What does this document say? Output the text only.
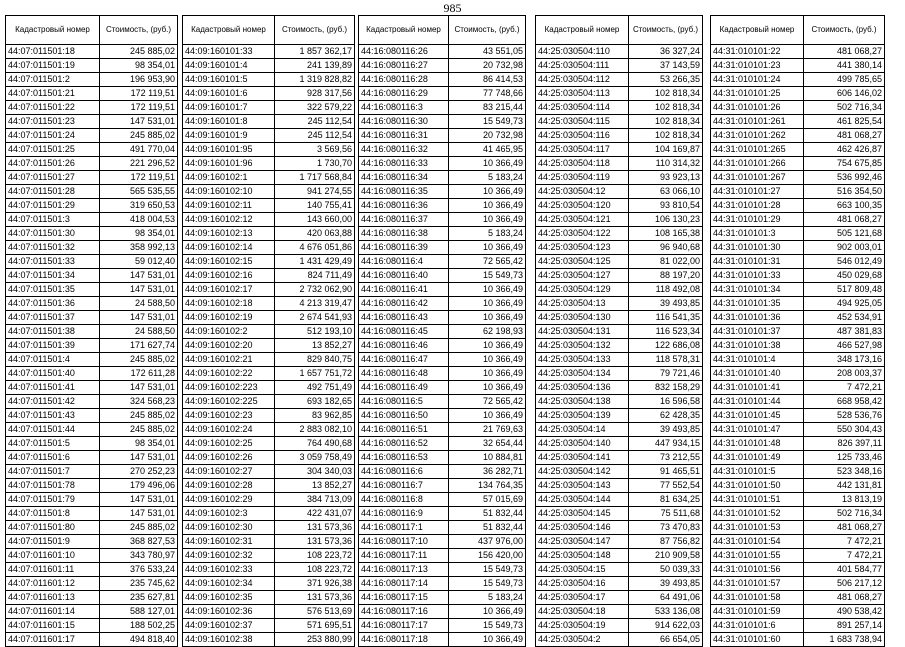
985
Кадастровый номер	Стоимость, (руб.)
44:07:011501:18	245 885,02
44:07:011501:19	98 354,01
44:07:011501:2	196 953,90
44:07:011501:21	172 119,51
44:07:011501:22	172 119,51
44:07:011501:23	147 531,01
44:07:011501:24	245 885,02
44:07:011501:25	491 770,04
44:07:011501:26	221 296,52
44:07:011501:27	172 119,51
44:07:011501:28	565 535,55
44:07:011501:29	319 650,53
44:07:011501:3	418 004,53
44:07:011501:30	98 354,01
44:07:011501:32	358 992,13
44:07:011501:33	59 012,40
44:07:011501:34	147 531,01
44:07:011501:35	147 531,01
44:07:011501:36	24 588,50
44:07:011501:37	147 531,01
44:07:011501:38	24 588,50
44:07:011501:39	171 627,74
44:07:011501:4	245 885,02
44:07:011501:40	172 611,28
44:07:011501:41	147 531,01
44:07:011501:42	324 568,23
44:07:011501:43	245 885,02
44:07:011501:44	245 885,02
44:07:011501:5	98 354,01
44:07:011501:6	147 531,01
44:07:011501:7	270 252,23
44:07:011501:78	179 496,06
44:07:011501:79	147 531,01
44:07:011501:8	147 531,01
44:07:011501:80	245 885,02
44:07:011501:9	368 827,53
44:07:011601:10	343 780,97
44:07:011601:11	376 533,24
44:07:011601:12	235 745,62
44:07:011601:13	235 627,81
44:07:011601:14	588 127,01
44:07:011601:15	188 502,25
44:07:011601:17	494 818,40
Кадастровый номер	Стоимость, (руб.)
44:09:160101:33	1 857 362,17
44:09:160101:4	241 139,89
44:09:160101:5	1 319 828,82
44:09:160101:6	928 317,56
44:09:160101:7	322 579,22
44:09:160101:8	245 112,54
44:09:160101:9	245 112,54
44:09:160101:95	3 569,56
44:09:160101:96	1 730,70
44:09:160102:1	1 717 568,84
44:09:160102:10	941 274,55
44:09:160102:11	140 755,41
44:09:160102:12	143 660,00
44:09:160102:13	420 063,88
44:09:160102:14	4 676 051,86
44:09:160102:15	1 431 429,49
44:09:160102:16	824 711,49
44:09:160102:17	2 732 062,90
44:09:160102:18	4 213 319,47
44:09:160102:19	2 674 541,93
44:09:160102:2	512 193,10
44:09:160102:20	13 852,27
44:09:160102:21	829 840,75
44:09:160102:22	1 657 751,72
44:09:160102:223	492 751,49
44:09:160102:225	693 182,65
44:09:160102:23	83 962,85
44:09:160102:24	2 883 082,10
44:09:160102:25	764 490,68
44:09:160102:26	3 059 758,49
44:09:160102:27	304 340,03
44:09:160102:28	13 852,27
44:09:160102:29	384 713,09
44:09:160102:3	422 431,07
44:09:160102:30	131 573,36
44:09:160102:31	131 573,36
44:09:160102:32	108 223,72
44:09:160102:33	108 223,72
44:09:160102:34	371 926,38
44:09:160102:35	131 573,36
44:09:160102:36	576 513,69
44:09:160102:37	571 695,51
44:09:160102:38	253 880,99
Кадастровый номер	Стоимость, (руб.)
44:16:080116:26	43 551,05
44:16:080116:27	20 732,98
44:16:080116:28	86 414,53
44:16:080116:29	77 748,66
44:16:080116:3	83 215,44
44:16:080116:30	15 549,73
44:16:080116:31	20 732,98
44:16:080116:32	41 465,95
44:16:080116:33	10 366,49
44:16:080116:34	5 183,24
44:16:080116:35	10 366,49
44:16:080116:36	10 366,49
44:16:080116:37	10 366,49
44:16:080116:38	5 183,24
44:16:080116:39	10 366,49
44:16:080116:4	72 565,42
44:16:080116:40	15 549,73
44:16:080116:41	10 366,49
44:16:080116:42	10 366,49
44:16:080116:43	10 366,49
44:16:080116:45	62 198,93
44:16:080116:46	10 366,49
44:16:080116:47	10 366,49
44:16:080116:48	10 366,49
44:16:080116:49	10 366,49
44:16:080116:5	72 565,42
44:16:080116:50	10 366,49
44:16:080116:51	21 769,63
44:16:080116:52	32 654,44
44:16:080116:53	10 884,81
44:16:080116:6	36 282,71
44:16:080116:7	134 764,35
44:16:080116:8	57 015,69
44:16:080116:9	51 832,44
44:16:080117:1	51 832,44
44:16:080117:10	437 976,00
44:16:080117:11	156 420,00
44:16:080117:13	15 549,73
44:16:080117:14	15 549,73
44:16:080117:15	5 183,24
44:16:080117:16	10 366,49
44:16:080117:17	15 549,73
44:16:080117:18	10 366,49
Кадастровый номер	Стоимость, (руб.)
44:25:030504:110	36 327,24
44:25:030504:111	37 143,59
44:25:030504:112	53 266,35
44:25:030504:113	102 818,34
44:25:030504:114	102 818,34
44:25:030504:115	102 818,34
44:25:030504:116	102 818,34
44:25:030504:117	104 169,87
44:25:030504:118	110 314,32
44:25:030504:119	93 923,13
44:25:030504:12	63 066,10
44:25:030504:120	93 810,54
44:25:030504:121	106 130,23
44:25:030504:122	108 165,38
44:25:030504:123	96 940,68
44:25:030504:125	81 022,00
44:25:030504:127	88 197,20
44:25:030504:129	118 492,08
44:25:030504:13	39 493,85
44:25:030504:130	116 541,35
44:25:030504:131	116 523,34
44:25:030504:132	122 686,08
44:25:030504:133	118 578,31
44:25:030504:134	79 721,46
44:25:030504:136	832 158,29
44:25:030504:138	16 596,58
44:25:030504:139	62 428,35
44:25:030504:14	39 493,85
44:25:030504:140	447 934,15
44:25:030504:141	73 212,55
44:25:030504:142	91 465,51
44:25:030504:143	77 552,54
44:25:030504:144	81 634,25
44:25:030504:145	75 511,68
44:25:030504:146	73 470,83
44:25:030504:147	87 756,82
44:25:030504:148	210 909,58
44:25:030504:15	50 039,33
44:25:030504:16	39 493,85
44:25:030504:17	64 491,06
44:25:030504:18	533 136,08
44:25:030504:19	914 622,03
44:25:030504:2	66 654,05
Кадастровый номер	Стоимость, (руб.)
44:31:010101:22	481 068,27
44:31:010101:23	441 380,14
44:31:010101:24	499 785,65
44:31:010101:25	606 146,02
44:31:010101:26	502 716,34
44:31:010101:261	461 825,54
44:31:010101:262	481 068,27
44:31:010101:265	462 426,87
44:31:010101:266	754 675,85
44:31:010101:267	536 992,46
44:31:010101:27	516 354,50
44:31:010101:28	663 100,35
44:31:010101:29	481 068,27
44:31:010101:3	505 121,68
44:31:010101:30	902 003,01
44:31:010101:31	546 012,49
44:31:010101:33	450 029,68
44:31:010101:34	517 809,48
44:31:010101:35	494 925,05
44:31:010101:36	452 534,91
44:31:010101:37	487 381,83
44:31:010101:38	466 527,98
44:31:010101:4	348 173,16
44:31:010101:40	208 003,37
44:31:010101:41	7 472,21
44:31:010101:44	668 958,42
44:31:010101:45	528 536,76
44:31:010101:47	550 304,43
44:31:010101:48	826 397,11
44:31:010101:49	125 733,46
44:31:010101:5	523 348,16
44:31:010101:50	442 131,81
44:31:010101:51	13 813,19
44:31:010101:52	502 716,34
44:31:010101:53	481 068,27
44:31:010101:54	7 472,21
44:31:010101:55	7 472,21
44:31:010101:56	401 584,77
44:31:010101:57	506 217,12
44:31:010101:58	481 068,27
44:31:010101:59	490 538,42
44:31:010101:6	891 257,14
44:31:010101:60	1 683 738,94
